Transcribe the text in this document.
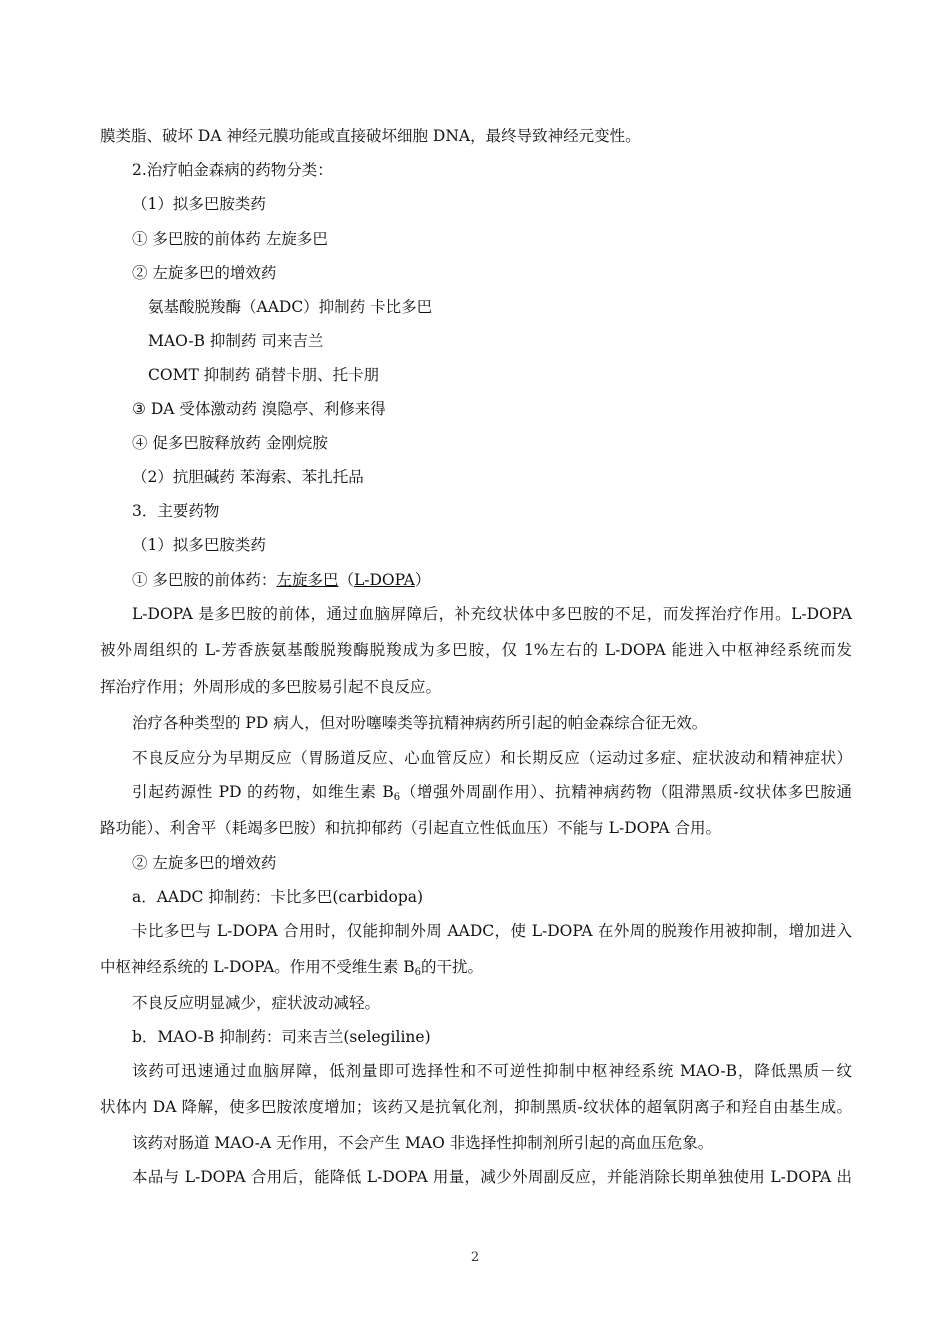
膜类脂、破坏 DA 神经元膜功能或直接破坏细胞 DNA，最终导致神经元变性。
2.治疗帕金森病的药物分类：
（1）拟多巴胺类药
① 多巴胺的前体药 左旋多巴
② 左旋多巴的增效药
氨基酸脱羧酶（AADC）抑制药 卡比多巴
MAO-B 抑制药 司来吉兰
COMT 抑制药 硝替卡朋、托卡朋
③ DA 受体激动药 溴隐亭、利修来得
④ 促多巴胺释放药 金刚烷胺
（2）抗胆碱药 苯海索、苯扎托品
3．主要药物
（1）拟多巴胺类药
① 多巴胺的前体药：左旋多巴（L-DOPA）
L-DOPA 是多巴胺的前体，通过血脑屏障后，补充纹状体中多巴胺的不足，而发挥治疗作用。L-DOPA
被外周组织的 L-芳香族氨基酸脱羧酶脱羧成为多巴胺，仅 1%左右的 L-DOPA 能进入中枢神经系统而发
挥治疗作用；外周形成的多巴胺易引起不良反应。
治疗各种类型的 PD 病人，但对吩噻嗪类等抗精神病药所引起的帕金森综合征无效。
不良反应分为早期反应（胃肠道反应、心血管反应）和长期反应（运动过多症、症状波动和精神症状）
引起药源性 PD 的药物，如维生素 $B_6$（增强外周副作用）、抗精神病药物（阻滞黑质-纹状体多巴胺通
路功能）、利舍平（耗竭多巴胺）和抗抑郁药（引起直立性低血压）不能与 L-DOPA 合用。
② 左旋多巴的增效药
a．AADC 抑制药：卡比多巴(carbidopa)
卡比多巴与 L-DOPA 合用时，仅能抑制外周 AADC，使 L-DOPA 在外周的脱羧作用被抑制，增加进入
中枢神经系统的 L-DOPA。作用不受维生素 $B_6$的干扰。
不良反应明显减少，症状波动减轻。
b．MAO-B 抑制药：司来吉兰(selegiline)
该药可迅速通过血脑屏障，低剂量即可选择性和不可逆性抑制中枢神经系统 MAO-B，降低黑质－纹
状体内 DA 降解，使多巴胺浓度增加；该药又是抗氧化剂，抑制黑质-纹状体的超氧阴离子和羟自由基生成。
该药对肠道 MAO-A 无作用，不会产生 MAO 非选择性抑制剂所引起的高血压危象。
本品与 L-DOPA 合用后，能降低 L-DOPA 用量，减少外周副反应，并能消除长期单独使用 L-DOPA 出
2
